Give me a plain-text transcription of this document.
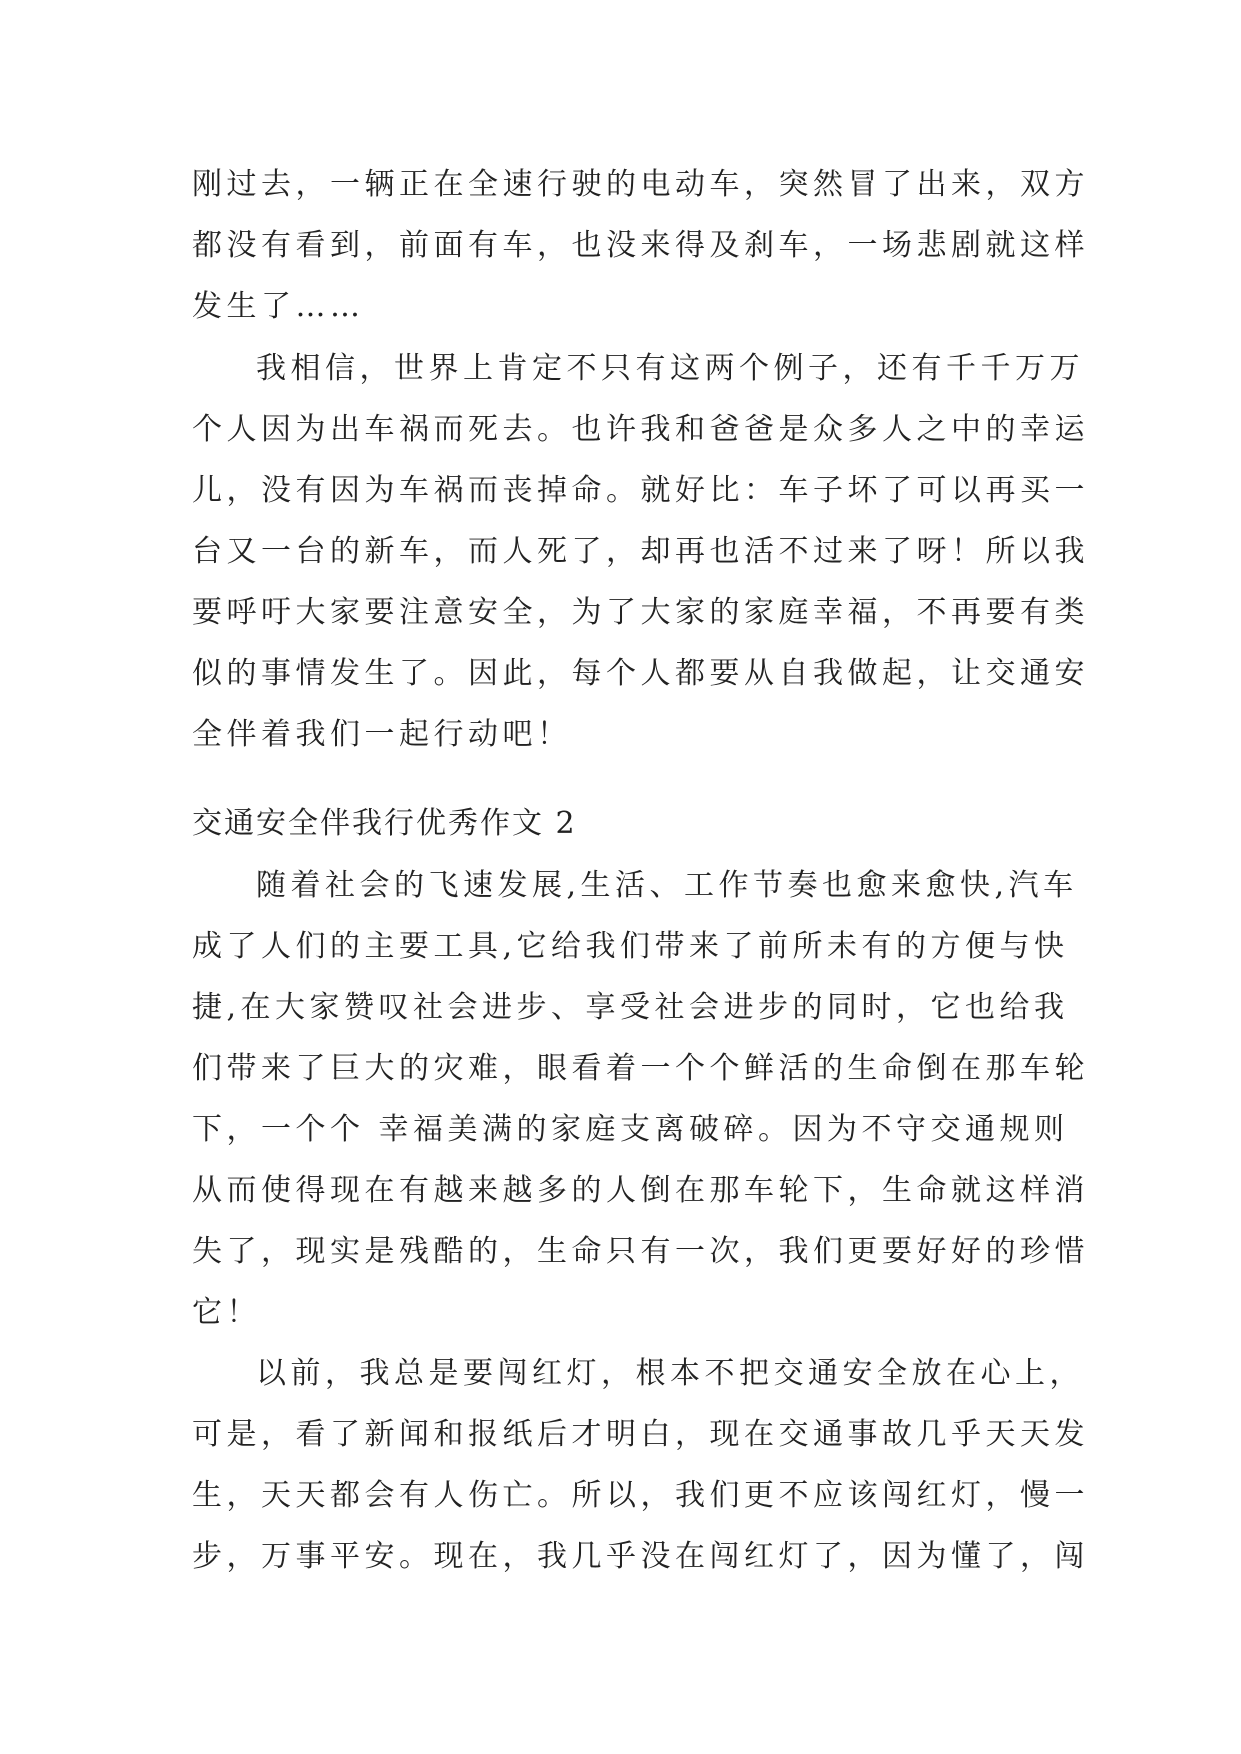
刚过去，一辆正在全速行驶的电动车，突然冒了出来，双方
都没有看到，前面有车，也没来得及刹车，一场悲剧就这样
发生了……
我相信，世界上肯定不只有这两个例子，还有千千万万
个人因为出车祸而死去。也许我和爸爸是众多人之中的幸运
儿，没有因为车祸而丧掉命。就好比：车子坏了可以再买一
台又一台的新车，而人死了，却再也活不过来了呀！所以我
要呼吁大家要注意安全，为了大家的家庭幸福，不再要有类
似的事情发生了。因此，每个人都要从自我做起，让交通安
全伴着我们一起行动吧！
交通安全伴我行优秀作文 2
随着社会的飞速发展,生活、工作节奏也愈来愈快,汽车
成了人们的主要工具,它给我们带来了前所未有的方便与快
捷,在大家赞叹社会进步、享受社会进步的同时，它也给我
们带来了巨大的灾难，眼看着一个个鲜活的生命倒在那车轮
下，一个个 幸福美满的家庭支离破碎。因为不守交通规则
从而使得现在有越来越多的人倒在那车轮下，生命就这样消
失了，现实是残酷的，生命只有一次，我们更要好好的珍惜
它！
以前，我总是要闯红灯，根本不把交通安全放在心上，
可是，看了新闻和报纸后才明白，现在交通事故几乎天天发
生，天天都会有人伤亡。所以，我们更不应该闯红灯，慢一
步，万事平安。现在，我几乎没在闯红灯了，因为懂了，闯
